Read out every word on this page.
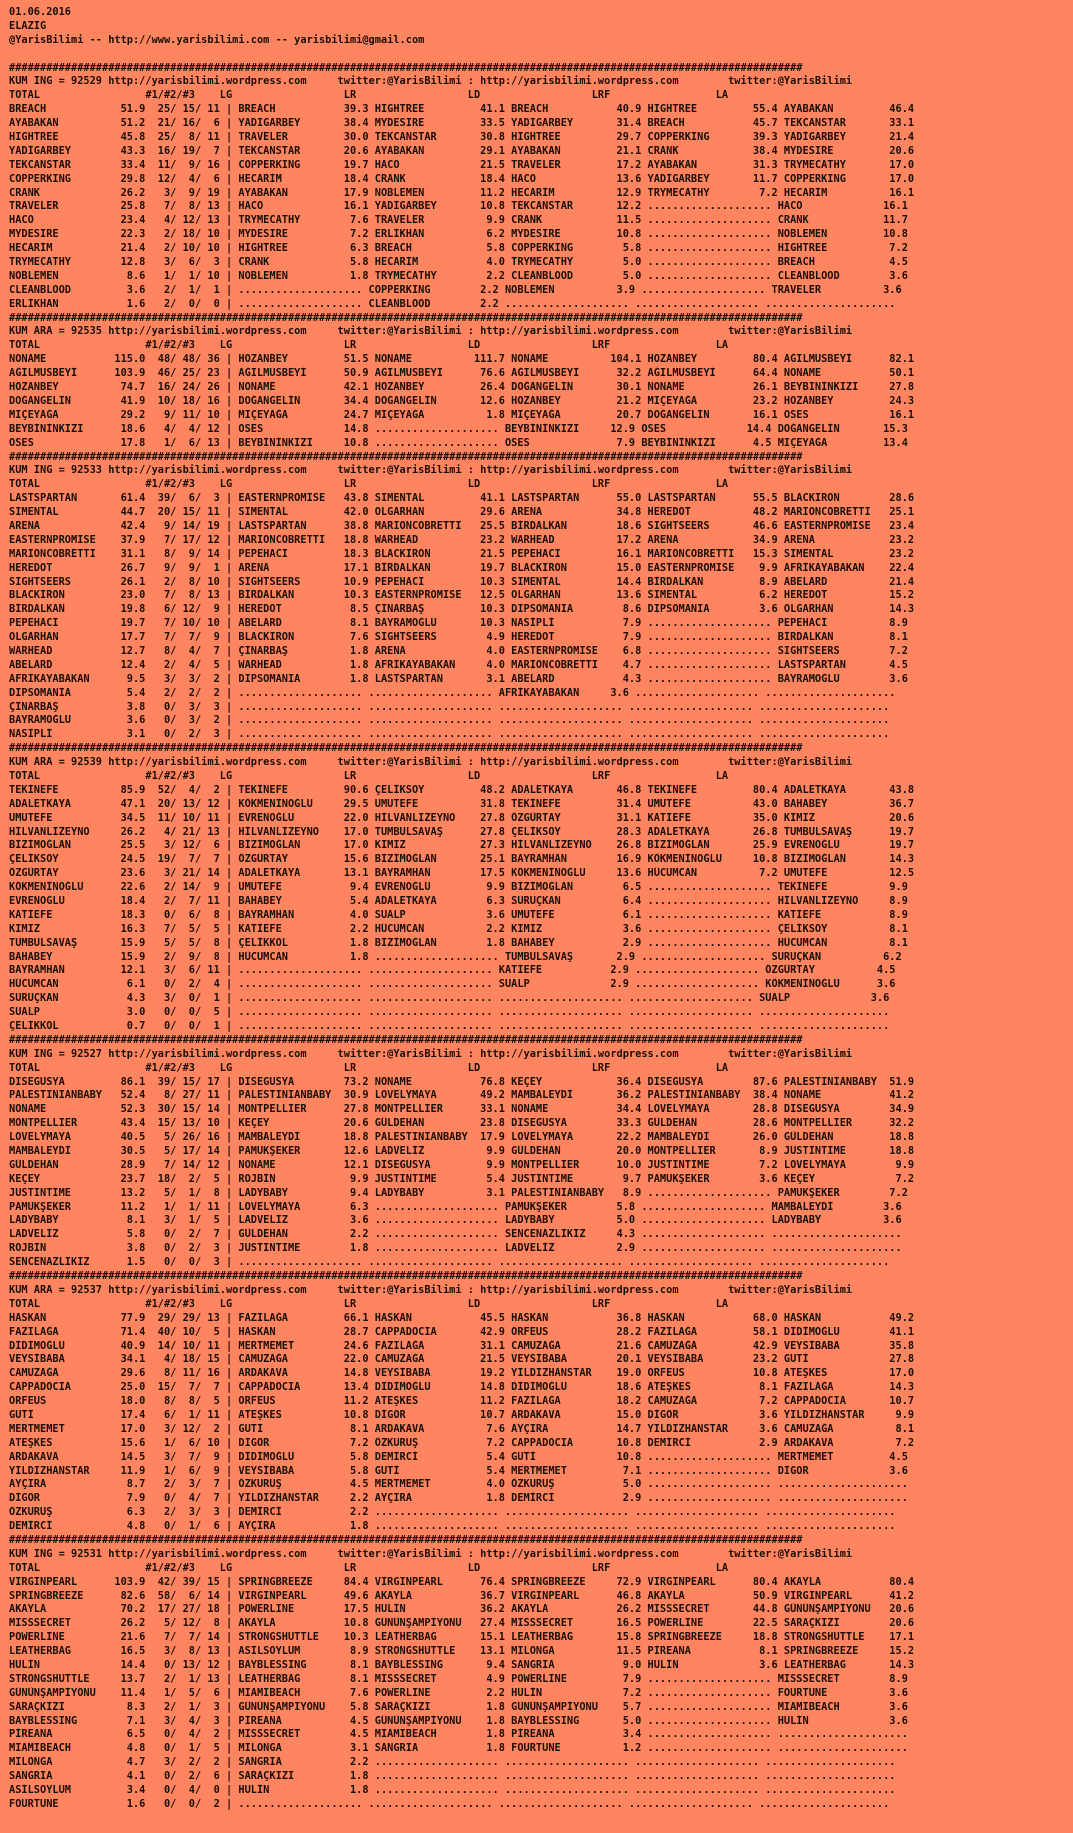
01.06.2016
ELAZIG
@YarisBilimi -- http://www.yarisbilimi.com -- yarisbilimi@gmail.com

################################################################################################################################
KUM ING = 92529 http://yarisbilimi.wordpress.com     twitter:@YarisBilimi : http://yarisbilimi.wordpress.com        twitter:@YarisBilimi
TOTAL                 #1/#2/#3    LG                  LR                  LD                  LRF                 LA
BREACH            51.9  25/ 15/ 11 | BREACH           39.3 HIGHTREE         41.1 BREACH           40.9 HIGHTREE         55.4 AYABAKAN         46.4
AYABAKAN          51.2  21/ 16/  6 | YADİGARBEY       38.4 MYDESIRE         33.5 YADİGARBEY       31.4 BREACH           45.7 TEKCANSTAR       33.1
HIGHTREE          45.8  25/  8/ 11 | TRAVELER         30.0 TEKCANSTAR       30.8 HIGHTREE         29.7 COPPERKING       39.3 YADİGARBEY       21.4
YADİGARBEY        43.3  16/ 19/  7 | TEKCANSTAR       20.6 AYABAKAN         29.1 AYABAKAN         21.1 CRANK            38.4 MYDESIRE         20.6
TEKCANSTAR        33.4  11/  9/ 16 | COPPERKING       19.7 HACO             21.5 TRAVELER         17.2 AYABAKAN         31.3 TRYMECATHY       17.0
COPPERKING        29.8  12/  4/  6 | HECARİM          18.4 CRANK            18.4 HACO             13.6 YADİGARBEY       11.7 COPPERKING       17.0
CRANK             26.2   3/  9/ 19 | AYABAKAN         17.9 NOBLEMEN         11.2 HECARİM          12.9 TRYMECATHY        7.2 HECARİM          16.1
TRAVELER          25.8   7/  8/ 13 | HACO             16.1 YADİGARBEY       10.8 TEKCANSTAR       12.2 .................... HACO             16.1
HACO              23.4   4/ 12/ 13 | TRYMECATHY        7.6 TRAVELER          9.9 CRANK            11.5 .................... CRANK            11.7
MYDESIRE          22.3   2/ 18/ 10 | MYDESIRE          7.2 ERLİKHAN          6.2 MYDESIRE         10.8 .................... NOBLEMEN         10.8
HECARİM           21.4   2/ 10/ 10 | HIGHTREE          6.3 BREACH            5.8 COPPERKING        5.8 .................... HIGHTREE          7.2
TRYMECATHY        12.8   3/  6/  3 | CRANK             5.8 HECARİM           4.0 TRYMECATHY        5.0 .................... BREACH            4.5
NOBLEMEN           8.6   1/  1/ 10 | NOBLEMEN          1.8 TRYMECATHY        2.2 CLEANBLOOD        5.0 .................... CLEANBLOOD        3.6
CLEANBLOOD         3.6   2/  1/  1 | .................... COPPERKING        2.2 NOBLEMEN          3.9 .................... TRAVELER          3.6
ERLİKHAN           1.6   2/  0/  0 | .................... CLEANBLOOD        2.2 .................... .................... .....................
################################################################################################################################
KUM ARA = 92535 http://yarisbilimi.wordpress.com     twitter:@YarisBilimi : http://yarisbilimi.wordpress.com        twitter:@YarisBilimi
TOTAL                 #1/#2/#3    LG                  LR                  LD                  LRF                 LA
NONAME           115.0  48/ 48/ 36 | HOZANBEY         51.5 NONAME          111.7 NONAME          104.1 HOZANBEY         80.4 AĞILMUSBEYİ      82.1
AĞILMUSBEYİ      103.9  46/ 25/ 23 | AĞILMUSBEYİ      50.9 AĞILMUSBEYİ      76.6 AĞILMUSBEYİ      32.2 AĞILMUSBEYİ      64.4 NONAME           50.1
HOZANBEY          74.7  16/ 24/ 26 | NONAME           42.1 HOZANBEY         26.4 DOĞANGELİN       30.1 NONAME           26.1 BEYBİNİNKIZI     27.8
DOĞANGELİN        41.9  10/ 18/ 16 | DOĞANGELİN       34.4 DOĞANGELİN       12.6 HOZANBEY         21.2 MIÇEYAĞA         23.2 HOZANBEY         24.3
MIÇEYAĞA          29.2   9/ 11/ 10 | MIÇEYAĞA         24.7 MIÇEYAĞA          1.8 MIÇEYAĞA         20.7 DOĞANGELİN       16.1 OSES             16.1
BEYBİNİNKIZI      18.6   4/  4/ 12 | OSES             14.8 .................... BEYBİNİNKIZI     12.9 OSES             14.4 DOĞANGELİN       15.3
OSES              17.8   1/  6/ 13 | BEYBİNİNKIZI     10.8 .................... OSES              7.9 BEYBİNİNKIZI      4.5 MIÇEYAĞA         13.4
################################################################################################################################
KUM ING = 92533 http://yarisbilimi.wordpress.com     twitter:@YarisBilimi : http://yarisbilimi.wordpress.com        twitter:@YarisBilimi
TOTAL                 #1/#2/#3    LG                  LR                  LD                  LRF                 LA
LASTSPARTAN       61.4  39/  6/  3 | EASTERNPROMISE   43.8 SIMENTAL         41.1 LASTSPARTAN      55.0 LASTSPARTAN      55.5 BLACKIRON        28.6
SIMENTAL          44.7  20/ 15/ 11 | SIMENTAL         42.0 OLGARHAN         29.6 ARENA            34.8 HEREDOT          48.2 MARIONCOBRETTI   25.1
ARENA             42.4   9/ 14/ 19 | LASTSPARTAN      38.8 MARIONCOBRETTI   25.5 BİRDALKAN        18.6 SIGHTSEERS       46.6 EASTERNPROMISE   23.4
EASTERNPROMISE    37.9   7/ 17/ 12 | MARIONCOBRETTI   18.8 WARHEAD          23.2 WARHEAD          17.2 ARENA            34.9 ARENA            23.2
MARIONCOBRETTI    31.1   8/  9/ 14 | PEPEHACI         18.3 BLACKIRON        21.5 PEPEHACI         16.1 MARIONCOBRETTI   15.3 SIMENTAL         23.2
HEREDOT           26.7   9/  9/  1 | ARENA            17.1 BİRDALKAN        19.7 BLACKIRON        15.0 EASTERNPROMISE    9.9 AFRİKAYABAKAN    22.4
SIGHTSEERS        26.1   2/  8/ 10 | SIGHTSEERS       10.9 PEPEHACI         10.3 SIMENTAL         14.4 BİRDALKAN         8.9 ABELARD          21.4
BLACKIRON         23.0   7/  8/ 13 | BİRDALKAN        10.3 EASTERNPROMISE   12.5 OLGARHAN         13.6 SIMENTAL          6.2 HEREDOT          15.2
BİRDALKAN         19.8   6/ 12/  9 | HEREDOT           8.5 ÇINARBAŞ         10.3 DIPSOMANIA        8.6 DIPSOMANIA        3.6 OLGARHAN         14.3
PEPEHACI          19.7   7/ 10/ 10 | ABELARD           8.1 BAYRAMOĞLU       10.3 NASİPLİ           7.9 .................... PEPEHACI          8.9
OLGARHAN          17.7   7/  7/  9 | BLACKIRON         7.6 SIGHTSEERS        4.9 HEREDOT           7.9 .................... BİRDALKAN         8.1
WARHEAD           12.7   8/  4/  7 | ÇINARBAŞ          1.8 ARENA             4.0 EASTERNPROMISE    6.8 .................... SIGHTSEERS        7.2
ABELARD           12.4   2/  4/  5 | WARHEAD           1.8 AFRİKAYABAKAN     4.0 MARIONCOBRETTI    4.7 .................... LASTSPARTAN       4.5
AFRİKAYABAKAN      9.5   3/  3/  2 | DIPSOMANIA        1.8 LASTSPARTAN       3.1 ABELARD           4.3 .................... BAYRAMOĞLU        3.6
DIPSOMANIA         5.4   2/  2/  2 | .................... .................... AFRİKAYABAKAN     3.6 .................... .....................
ÇINARBAŞ           3.8   0/  3/  3 | .................... .................... .................... .................... .....................
BAYRAMOĞLU         3.6   0/  3/  2 | .................... .................... .................... .................... .....................
NASİPLİ            3.1   0/  2/  3 | .................... .................... .................... .................... .....................
################################################################################################################################
KUM ARA = 92539 http://yarisbilimi.wordpress.com     twitter:@YarisBilimi : http://yarisbilimi.wordpress.com        twitter:@YarisBilimi
TOTAL                 #1/#2/#3    LG                  LR                  LD                  LRF                 LA
TEKİNEFE          85.9  52/  4/  2 | TEKİNEFE         90.6 ÇELİKSOY         48.2 ADALETKAYA       46.8 TEKİNEFE         80.4 ADALETKAYA       43.8
ADALETKAYA        47.1  20/ 13/ 12 | KÖKMENİNOĞLU     29.5 UMUTEFE          31.8 TEKİNEFE         31.4 UMUTEFE          43.0 BAHABEY          36.7
UMUTEFE           34.5  11/ 10/ 11 | EVRENOĞLU        22.0 HİLVANLIZEYNO    27.8 ÖZGÜRTAY         31.1 KATİEFE          35.0 KIMIZ            20.6
HİLVANLIZEYNO     26.2   4/ 21/ 13 | HİLVANLIZEYNO    17.0 TUMBULSAVAŞ      27.8 ÇELİKSOY         28.3 ADALETKAYA       26.8 TUMBULSAVAŞ      19.7
BİZİMOĞLAN        25.5   3/ 12/  6 | BİZİMOĞLAN       17.0 KIMIZ            27.3 HİLVANLIZEYNO    26.8 BİZİMOĞLAN       25.9 EVRENOĞLU        19.7
ÇELİKSOY          24.5  19/  7/  7 | ÖZGÜRTAY         15.6 BİZİMOĞLAN       25.1 BAYRAMHAN        16.9 KÖKMENİNOĞLU     10.8 BİZİMOĞLAN       14.3
ÖZGÜRTAY          23.6   3/ 21/ 14 | ADALETKAYA       13.1 BAYRAMHAN        17.5 KÖKMENİNOĞLU     13.6 HÜCUMCAN          7.2 UMUTEFE          12.5
KÖKMENİNOĞLU      22.6   2/ 14/  9 | UMUTEFE           9.4 EVRENOĞLU         9.9 BİZİMOĞLAN        6.5 .................... TEKİNEFE          9.9
EVRENOĞLU         18.4   2/  7/ 11 | BAHABEY           5.4 ADALETKAYA        6.3 SURUÇKAN          6.4 .................... HİLVANLIZEYNO     8.9
KATİEFE           18.3   0/  6/  8 | BAYRAMHAN         4.0 SUALP             3.6 UMUTEFE           6.1 .................... KATİEFE           8.9
KIMIZ             16.3   7/  5/  5 | KATİEFE           2.2 HÜCUMCAN          2.2 KIMIZ             3.6 .................... ÇELİKSOY          8.1
TUMBULSAVAŞ       15.9   5/  5/  8 | ÇELİKKOL          1.8 BİZİMOĞLAN        1.8 BAHABEY           2.9 .................... HÜCUMCAN          8.1
BAHABEY           15.9   2/  9/  8 | HÜCUMCAN          1.8 .................... TUMBULSAVAŞ       2.9 .................... SURUÇKAN          6.2
BAYRAMHAN         12.1   3/  6/ 11 | .................... .................... KATİEFE           2.9 .................... ÖZGÜRTAY          4.5
HÜCUMCAN           6.1   0/  2/  4 | .................... .................... SUALP             2.9 .................... KÖKMENİNOĞLU      3.6
SURUÇKAN           4.3   3/  0/  1 | .................... .................... .................... .................... SUALP             3.6
SUALP              3.0   0/  0/  5 | .................... .................... .................... .................... .....................
ÇELİKKOL           0.7   0/  0/  1 | .................... .................... .................... .................... .....................
################################################################################################################################
KUM ING = 92527 http://yarisbilimi.wordpress.com     twitter:@YarisBilimi : http://yarisbilimi.wordpress.com        twitter:@YarisBilimi
TOTAL                 #1/#2/#3    LG                  LR                  LD                  LRF                 LA
DISEGUSYA         86.1  39/ 15/ 17 | DISEGUSYA        73.2 NONAME           76.8 KEÇEY            36.4 DISEGUSYA        87.6 PALESTINIANBABY  51.9
PALESTINIANBABY   52.4   8/ 27/ 11 | PALESTINIANBABY  30.9 LOVELYMAYA       49.2 MAMBALEYDİ       36.2 PALESTINIANBABY  38.4 NONAME           41.2
NONAME            52.3  30/ 15/ 14 | MONTPELLIER      27.8 MONTPELLIER      33.1 NONAME           34.4 LOVELYMAYA       28.8 DISEGUSYA        34.9
MONTPELLIER       43.4  15/ 13/ 10 | KEÇEY            20.6 GÜLDEHAN         23.8 DISEGUSYA        33.3 GÜLDEHAN         28.6 MONTPELLIER      32.2
LOVELYMAYA        40.5   5/ 26/ 16 | MAMBALEYDİ       18.8 PALESTINIANBABY  17.9 LOVELYMAYA       22.2 MAMBALEYDİ       26.0 GÜLDEHAN         18.8
MAMBALEYDİ        30.5   5/ 17/ 14 | PAMUKŞEKER       12.6 LADVELİZ          9.9 GÜLDEHAN         20.0 MONTPELLIER       8.9 JUSTINTIME       18.8
GÜLDEHAN          28.9   7/ 14/ 12 | NONAME           12.1 DISEGUSYA         9.9 MONTPELLIER      10.0 JUSTINTIME        7.2 LOVELYMAYA        9.9
KEÇEY             23.7  18/  2/  5 | ROJBİN            9.9 JUSTINTIME        5.4 JUSTINTIME        9.7 PAMUKŞEKER        3.6 KEÇEY             7.2
JUSTINTIME        13.2   5/  1/  8 | LADYBABY          9.4 LADYBABY          3.1 PALESTINIANBABY   8.9 .................... PAMUKŞEKER        7.2
PAMUKŞEKER        11.2   1/  1/ 11 | LOVELYMAYA        6.3 .................... PAMUKŞEKER        5.8 .................... MAMBALEYDİ        3.6
LADYBABY           8.1   3/  1/  5 | LADVELİZ          3.6 .................... LADYBABY          5.0 .................... LADYBABY          3.6
LADVELİZ           5.8   0/  2/  7 | GÜLDEHAN          2.2 .................... SENCENAZLIKIZ     4.3 .................... .....................
ROJBİN             3.8   0/  2/  3 | JUSTINTIME        1.8 .................... LADVELİZ          2.9 .................... .....................
SENCENAZLIKIZ      1.5   0/  0/  3 | .................... .................... .................... .................... .....................
################################################################################################################################
KUM ARA = 92537 http://yarisbilimi.wordpress.com     twitter:@YarisBilimi : http://yarisbilimi.wordpress.com        twitter:@YarisBilimi
TOTAL                 #1/#2/#3    LG                  LR                  LD                  LRF                 LA
HASKAN            77.9  29/ 29/ 13 | FAZILAĞA         66.1 HASKAN           45.5 HASKAN           36.8 HASKAN           68.0 HASKAN           49.2
FAZILAĞA          71.4  40/ 10/  5 | HASKAN           28.7 CAPPADOCIA       42.9 ORFEUS           28.2 FAZILAĞA         58.1 DİDİMOĞLU        41.1
DİDİMOĞLU         40.9  14/ 10/ 11 | MERTMEMET        24.6 FAZILAĞA         31.1 CAMUZAĞA         21.6 CAMUZAĞA         42.9 VEYSİBABA        35.8
VEYSİBABA         34.1   4/ 18/ 15 | CAMUZAĞA         22.0 CAMUZAĞA         21.5 VEYSİBABA        20.1 VEYSİBABA        23.2 GUTİ             27.8
CAMUZAĞA          29.6   8/ 11/ 16 | ARDAKAVA         14.8 VEYSİBABA        19.2 YILDIZHANSTAR    19.0 ORFEUS           10.8 ATEŞKES          17.0
CAPPADOCIA        25.0  15/  7/  7 | CAPPADOCIA       13.4 DİDİMOĞLU        14.8 DİDİMOĞLU        18.6 ATEŞKES           8.1 FAZILAĞA         14.3
ORFEUS            18.0   8/  8/  5 | ORFEUS           11.2 ATEŞKES          11.2 FAZILAĞA         18.2 CAMUZAĞA          7.2 CAPPADOCIA       10.7
GUTİ              17.4   6/  1/ 11 | ATEŞKES          10.8 DİGOR            10.7 ARDAKAVA         15.0 DİGOR             3.6 YILDIZHANSTAR     9.9
MERTMEMET         17.0   3/ 12/  2 | GUTİ              8.1 ARDAKAVA          7.6 AYÇIRA           14.7 YILDIZHANSTAR     3.6 CAMUZAĞA          8.1
ATEŞKES           15.6   1/  6/ 10 | DİGOR             7.2 ÖZKURUŞ           7.2 CAPPADOCIA       10.8 DEMİRCİ           2.9 ARDAKAVA          7.2
ARDAKAVA          14.5   3/  7/  9 | DİDİMOĞLU         5.8 DEMİRCİ           5.4 GUTİ             10.8 .................... MERTMEMET         4.5
YILDIZHANSTAR     11.9   1/  6/  9 | VEYSİBABA         5.8 GUTİ              5.4 MERTMEMET         7.1 .................... DİGOR             3.6
AYÇIRA             8.7   2/  3/  7 | ÖZKURUŞ           4.5 MERTMEMET         4.0 ÖZKURUŞ           5.0 .................... .....................
DİGOR              7.9   0/  4/  7 | YILDIZHANSTAR     2.2 AYÇIRA            1.8 DEMİRCİ           2.9 .................... .....................
ÖZKURUŞ            6.3   2/  3/  3 | DEMİRCİ           2.2 .................... .................... .................... .....................
DEMİRCİ            4.8   0/  1/  6 | AYÇIRA            1.8 .................... .................... .................... .....................
################################################################################################################################
KUM ING = 92531 http://yarisbilimi.wordpress.com     twitter:@YarisBilimi : http://yarisbilimi.wordpress.com        twitter:@YarisBilimi
TOTAL                 #1/#2/#3    LG                  LR                  LD                  LRF                 LA
VIRGINPEARL      103.9  42/ 39/ 15 | SPRINGBREEZE     84.4 VIRGINPEARL      76.4 SPRINGBREEZE     72.9 VIRGINPEARL      80.4 AKAYLA           80.4
SPRINGBREEZE      82.6  58/  6/ 14 | VIRGINPEARL      49.6 AKAYLA           36.7 VIRGINPEARL      46.8 AKAYLA           50.9 VIRGINPEARL      41.2
AKAYLA            70.2  17/ 27/ 18 | POWERLINE        17.5 HULİN            36.2 AKAYLA           26.2 MISSSECRET       44.8 GÜNÜNŞAMPİYONU   20.6
MISSSECRET        26.2   5/ 12/  8 | AKAYLA           10.8 GÜNÜNŞAMPİYONU   27.4 MISSSECRET       16.5 POWERLINE        22.5 SARAÇKIZI        20.6
POWERLINE         21.6   7/  7/ 14 | STRONGSHUTTLE    10.3 LEATHERBAG       15.1 LEATHERBAG       15.8 SPRINGBREEZE     18.8 STRONGSHUTTLE    17.1
LEATHERBAG        16.5   3/  8/ 13 | ASİLSOYLUM        8.9 STRONGSHUTTLE    13.1 MILONGA          11.5 PİREANA           8.1 SPRINGBREEZE     15.2
HULİN             14.4   0/ 13/ 12 | BAYBLESSING       8.1 BAYBLESSING       9.4 SANGRIA           9.0 HULİN             3.6 LEATHERBAG       14.3
STRONGSHUTTLE     13.7   2/  1/ 13 | LEATHERBAG        8.1 MISSSECRET        4.9 POWERLINE         7.9 .................... MISSSECRET        8.9
GÜNÜNŞAMPİYONU    11.4   1/  5/  6 | MIAMIBEACH        7.6 POWERLINE         2.2 HULİN             7.2 .................... FOURTUNE          3.6
SARAÇKIZI          8.3   2/  1/  3 | GÜNÜNŞAMPİYONU    5.8 SARAÇKIZI         1.8 GÜNÜNŞAMPİYONU    5.7 .................... MIAMIBEACH        3.6
BAYBLESSING        7.1   3/  4/  3 | PİREANA           4.5 GÜNÜNŞAMPİYONU    1.8 BAYBLESSING       5.0 .................... HULİN             3.6
PİREANA            6.5   0/  4/  2 | MISSSECRET        4.5 MIAMIBEACH        1.8 PİREANA           3.4 .................... .....................
MIAMIBEACH         4.8   0/  1/  5 | MILONGA           3.1 SANGRIA           1.8 FOURTUNE          1.2 .................... .....................
MILONGA            4.7   3/  2/  2 | SANGRIA           2.2 .................... .................... .................... .....................
SANGRIA            4.1   0/  2/  6 | SARAÇKIZI         1.8 .................... .................... .................... .....................
ASİLSOYLUM         3.4   0/  4/  0 | HULİN             1.8 .................... .................... .................... .....................
FOURTUNE           1.6   0/  0/  2 | .................... .................... .................... .................... .....................
